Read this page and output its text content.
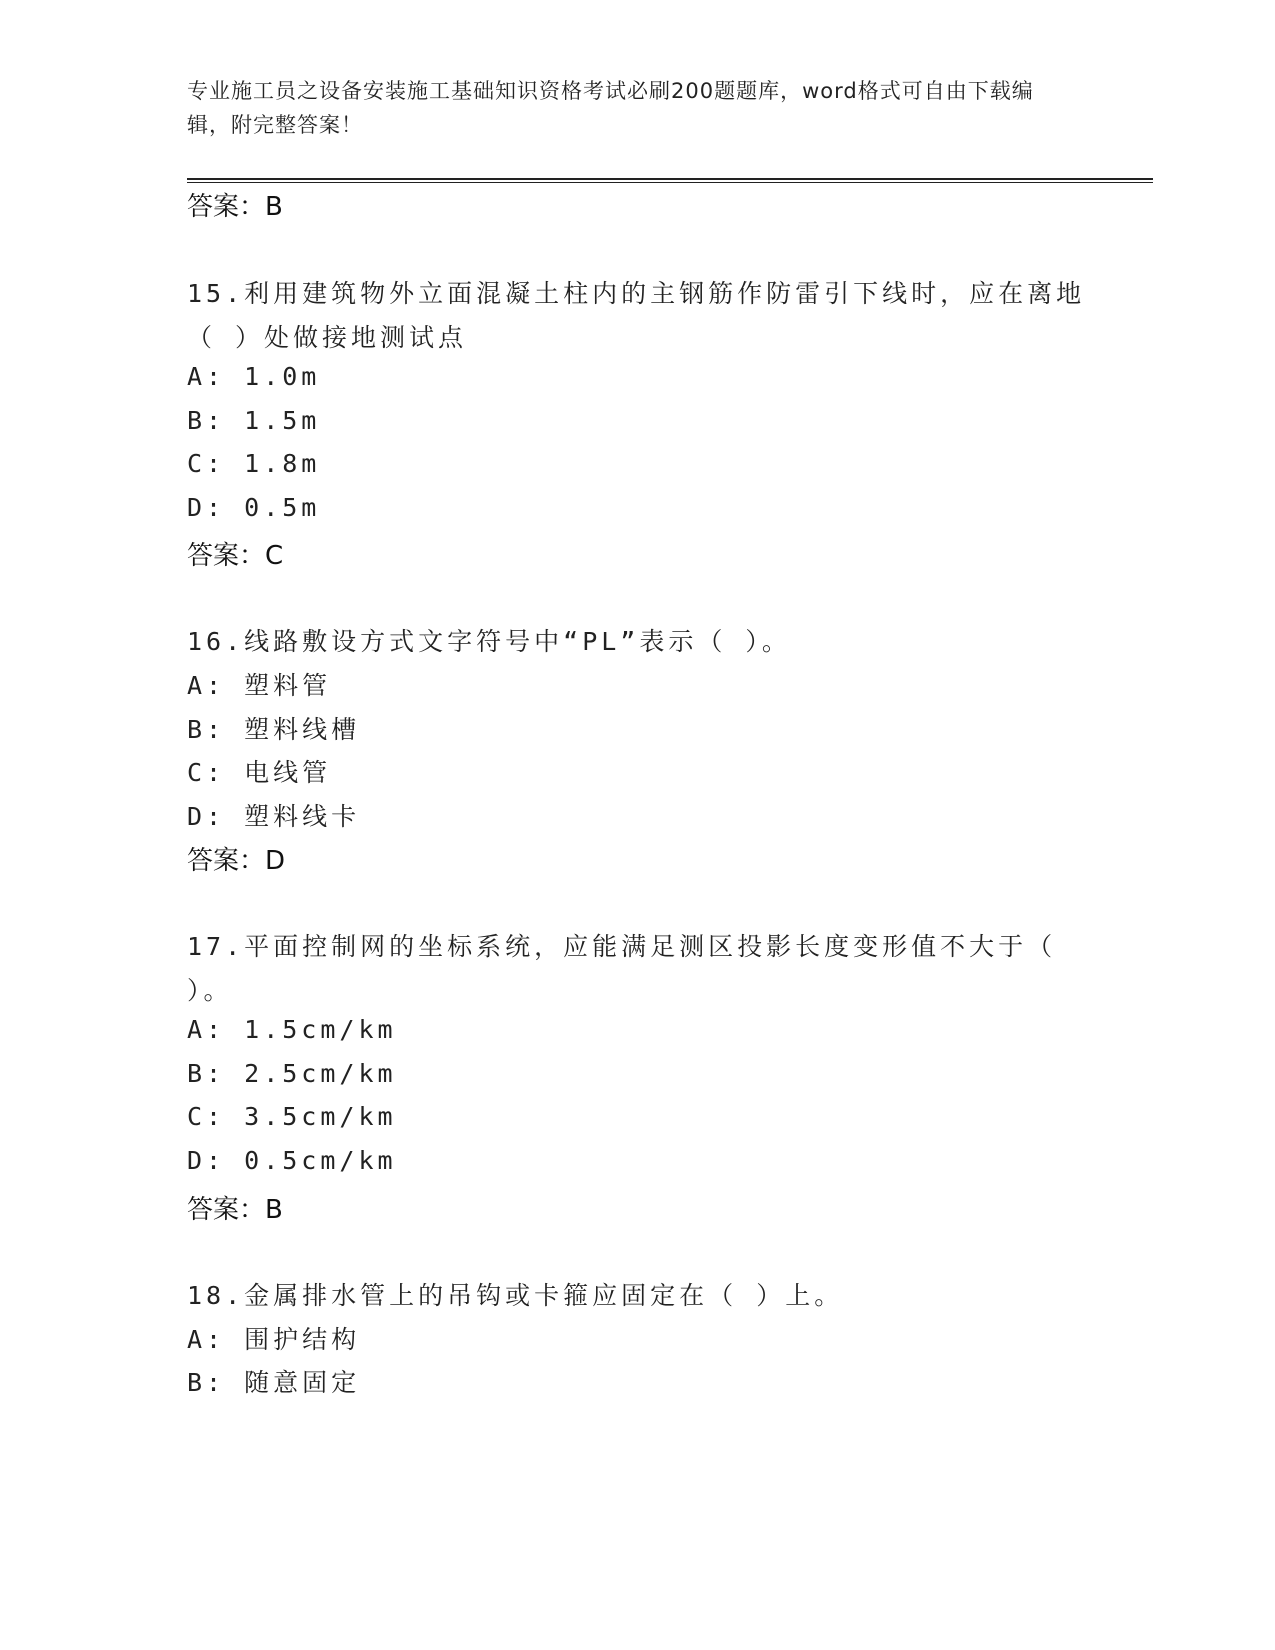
专业施工员之设备安装施工基础知识资格考试必刷200题题库，word格式可自由下载编辑，附完整答案！
答案：B
15.利用建筑物外立面混凝土柱内的主钢筋作防雷引下线时，应在离地
（ ）处做接地测试点
A: 1.0m
B: 1.5m
C: 1.8m
D: 0.5m
答案：C
16.线路敷设方式文字符号中“PL”表示（ ）。
A: 塑料管
B: 塑料线槽
C: 电线管
D: 塑料线卡
答案：D
17.平面控制网的坐标系统，应能满足测区投影长度变形值不大于（
）。
A: 1.5cm/km
B: 2.5cm/km
C: 3.5cm/km
D: 0.5cm/km
答案：B
18.金属排水管上的吊钩或卡箍应固定在（ ）上。
A: 围护结构
B: 随意固定
